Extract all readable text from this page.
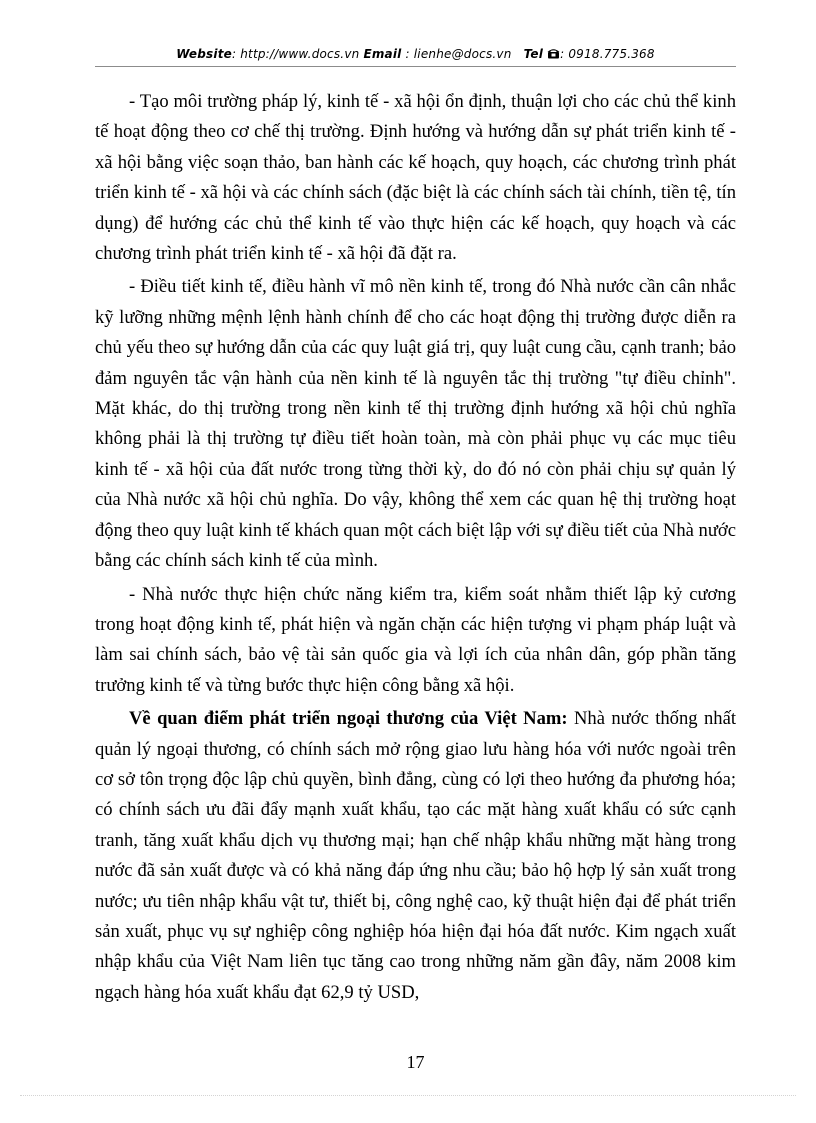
Website: http://www.docs.vn Email : lienhe@docs.vn Tel : 0918.775.368

- Tạo môi trường pháp lý, kinh tế - xã hội ổn định, thuận lợi cho các chủ thể kinh tế hoạt động theo cơ chế thị trường. Định hướng và hướng dẫn sự phát triển kinh tế - xã hội bằng việc soạn thảo, ban hành các kế hoạch, quy hoạch, các chương trình phát triển kinh tế - xã hội và các chính sách (đặc biệt là các chính sách tài chính, tiền tệ, tín dụng) để hướng các chủ thể kinh tế vào thực hiện các kế hoạch, quy hoạch và các chương trình phát triển kinh tế - xã hội đã đặt ra.

- Điều tiết kinh tế, điều hành vĩ mô nền kinh tế, trong đó Nhà nước cần cân nhắc kỹ lưỡng những mệnh lệnh hành chính để cho các hoạt động thị trường được diễn ra chủ yếu theo sự hướng dẫn của các quy luật giá trị, quy luật cung cầu, cạnh tranh; bảo đảm nguyên tắc vận hành của nền kinh tế là nguyên tắc thị trường "tự điều chỉnh". Mặt khác, do thị trường trong nền kinh tế thị trường định hướng xã hội chủ nghĩa không phải là thị trường tự điều tiết hoàn toàn, mà còn phải phục vụ các mục tiêu kinh tế - xã hội của đất nước trong từng thời kỳ, do đó nó còn phải chịu sự quản lý của Nhà nước xã hội chủ nghĩa. Do vậy, không thể xem các quan hệ thị trường hoạt động theo quy luật kinh tế khách quan một cách biệt lập với sự điều tiết của Nhà nước bằng các chính sách kinh tế của mình.

- Nhà nước thực hiện chức năng kiểm tra, kiểm soát nhằm thiết lập kỷ cương trong hoạt động kinh tế, phát hiện và ngăn chặn các hiện tượng vi phạm pháp luật và làm sai chính sách, bảo vệ tài sản quốc gia và lợi ích của nhân dân, góp phần tăng trưởng kinh tế và từng bước thực hiện công bằng xã hội.

Về quan điểm phát triển ngoại thương của Việt Nam: Nhà nước thống nhất quản lý ngoại thương, có chính sách mở rộng giao lưu hàng hóa với nước ngoài trên cơ sở tôn trọng độc lập chủ quyền, bình đẳng, cùng có lợi theo hướng đa phương hóa; có chính sách ưu đãi đẩy mạnh xuất khẩu, tạo các mặt hàng xuất khẩu có sức cạnh tranh, tăng xuất khẩu dịch vụ thương mại; hạn chế nhập khẩu những mặt hàng trong nước đã sản xuất được và có khả năng đáp ứng nhu cầu; bảo hộ hợp lý sản xuất trong nước; ưu tiên nhập khẩu vật tư, thiết bị, công nghệ cao, kỹ thuật hiện đại để phát triển sản xuất, phục vụ sự nghiệp công nghiệp hóa hiện đại hóa đất nước. Kim ngạch xuất nhập khẩu của Việt Nam liên tục tăng cao trong những năm gần đây, năm 2008 kim ngạch hàng hóa xuất khẩu đạt 62,9 tỷ USD,

17
